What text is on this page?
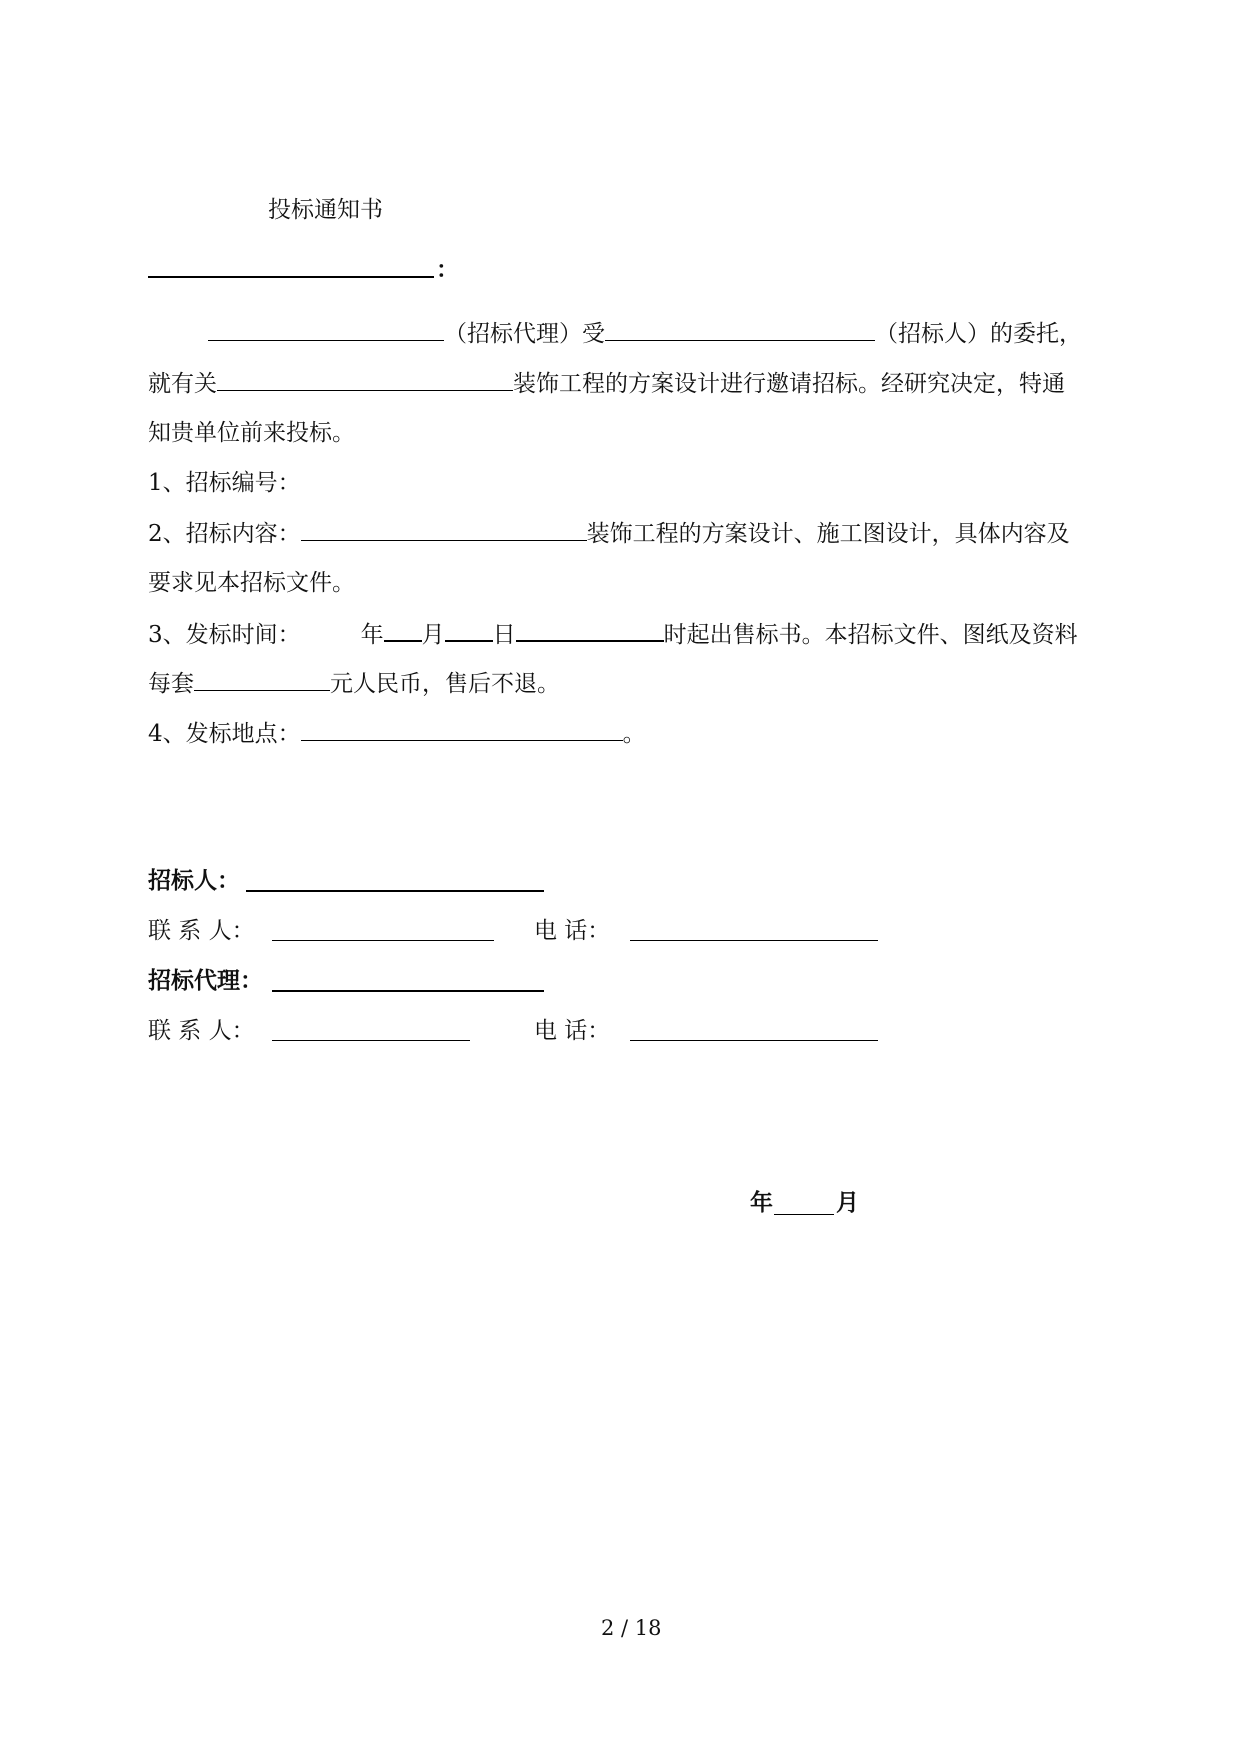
投标通知书
：
（招标代理）受	（招标人）的委托，
就有关	装饰工程的方案设计进行邀请招标。经研究决定，特通
知贵单位前来投标。
1、招标编号：
2、招标内容：	装饰工程的方案设计、施工图设计，具体内容及
要求见本招标文件。
3、发标时间：	年 月 日	时起出售标书。本招标文件、图纸及资料
每套	元人民币，售后不退。
4、发标地点：	。
招标人：
联 系 人：	电 话：
招标代理：
联 系 人：	电 话：
年	月
2 / 18
